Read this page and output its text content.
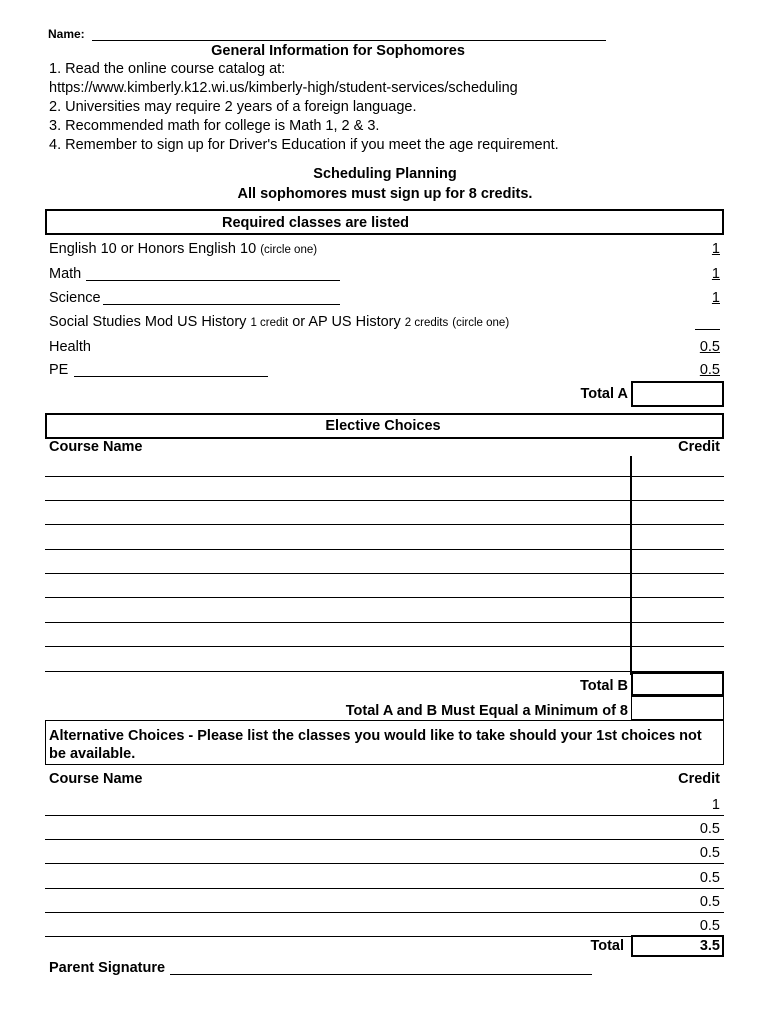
Name:
General Information for Sophomores
1. Read the online course catalog at:
https://www.kimberly.k12.wi.us/kimberly-high/student-services/scheduling
2. Universities may require 2 years of a foreign language.
3. Recommended math for college is Math 1, 2 & 3.
4. Remember to sign up for Driver's Education if you meet the age requirement.
Scheduling Planning
All sophomores must sign up for 8 credits.
Required classes are listed
English 10 or Honors English 10 (circle one)	1
Math	1
Science	1
Social Studies Mod US History 1 credit or AP US History 2 credits (circle one)
Health	0.5
PE	0.5
Total A
Elective Choices
Course Name	Credit
Total B
Total A and B Must Equal a Minimum of 8
Alternative Choices - Please list the classes you would like to take should your 1st choices not be available.
Course Name	Credit
1
0.5
0.5
0.5
0.5
0.5
Total	3.5
Parent Signature
